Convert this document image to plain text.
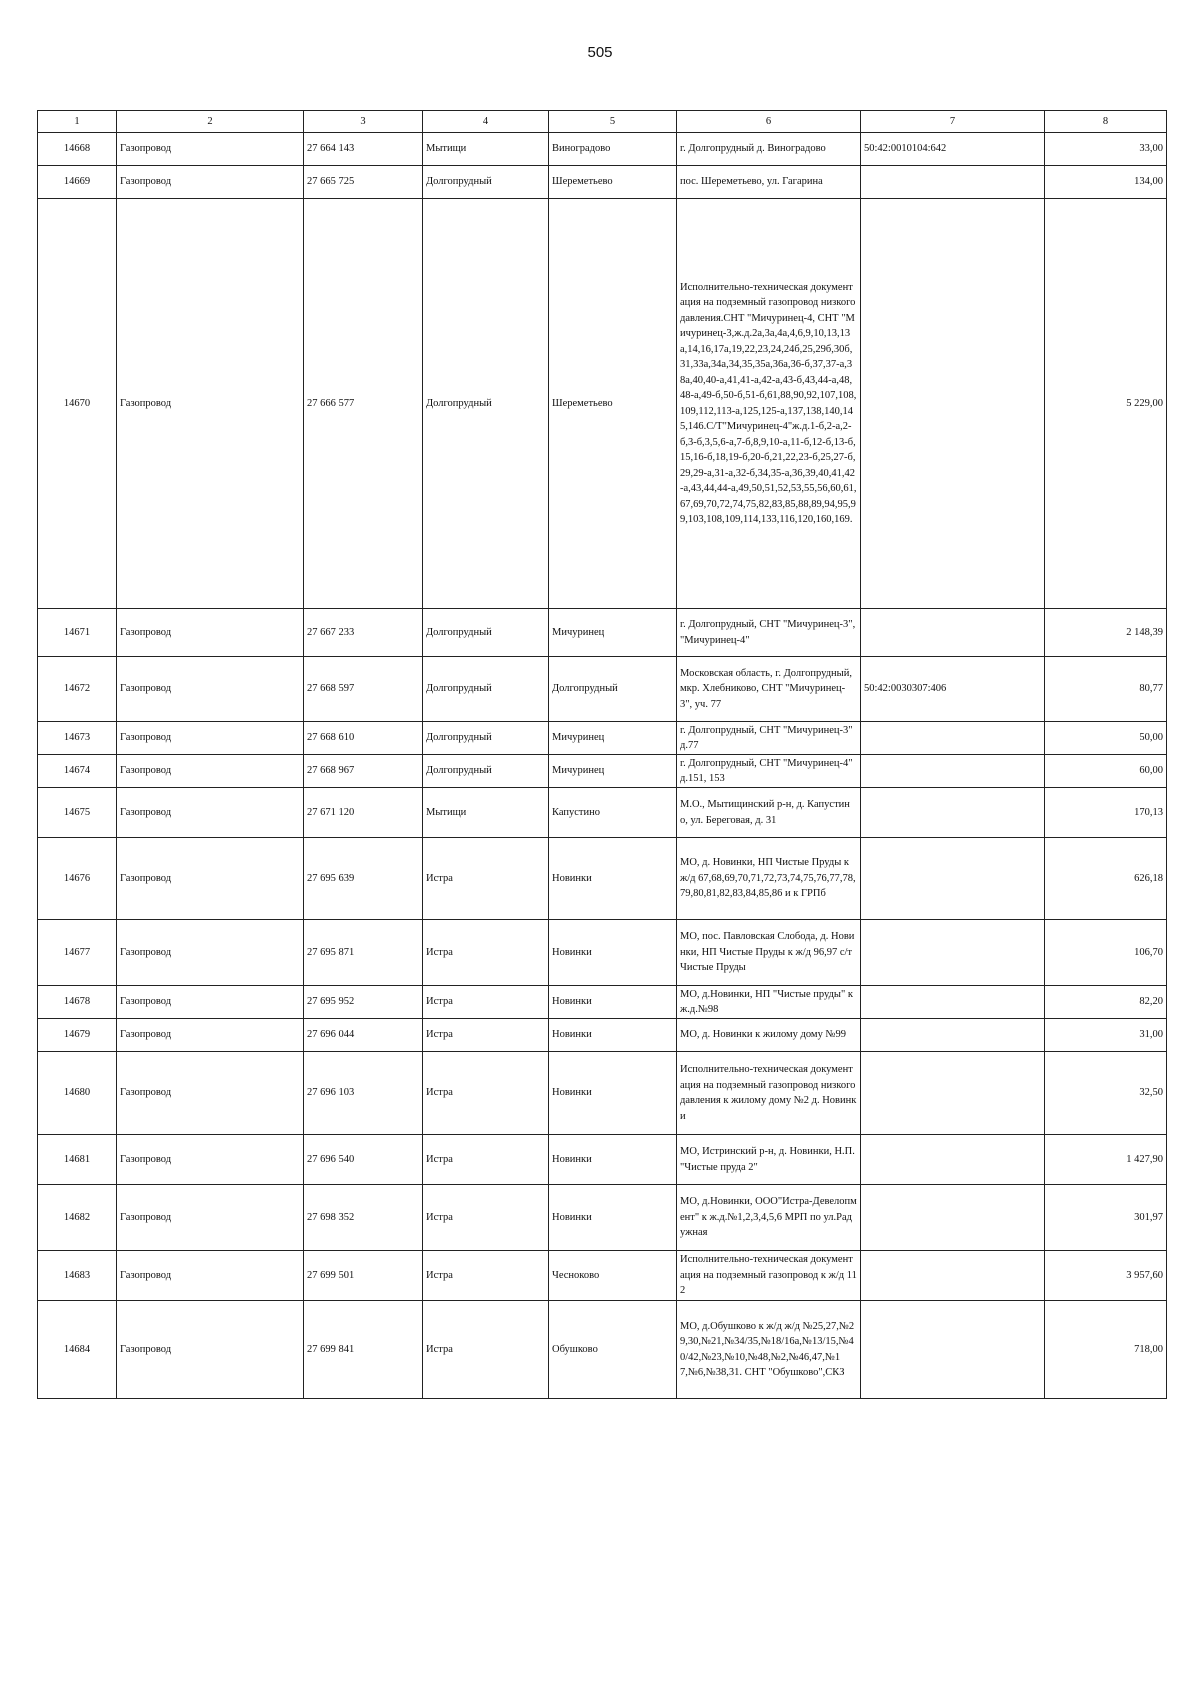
505
1	2	3	4	5	6	7	8
14668	Газопровод	27 664 143	Мытищи	Виноградово	г. Долгопрудный д. Виноградово	50:42:0010104:642	33,00
14669	Газопровод	27 665 725	Долгопрудный	Шереметьево	пос. Шереметьево, ул. Гагарина		134,00
14670	Газопровод	27 666 577	Долгопрудный	Шереметьево	Исполнительно-техническая документация на подземный газопровод низкого давления.СНТ "Мичуринец-4, СНТ "Мичуринец-3,ж.д.2а,3а,4а,4,6,9,10,13,13а,14,16,17а,19,22,23,24,24б,25,29б,30б,31,33а,34а,34,35,35а,36а,36-б,37,37-а,38а,40,40-а,41,41-а,42-а,43-б,43,44-а,48,48-а,49-б,50-б,51-б,61,88,90,92,107,108,109,112,113-а,125,125-а,137,138,140,145,146.С/Т"Мичуринец-4"ж.д.1-б,2-а,2-б,3-б,3,5,6-а,7-б,8,9,10-а,11-б,12-б,13-б,15,16-б,18,19-б,20-б,21,22,23-б,25,27-б,29,29-а,31-а,32-б,34,35-а,36,39,40,41,42-а,43,44,44-а,49,50,51,52,53,55,56,60,61,67,69,70,72,74,75,82,83,85,88,89,94,95,99,103,108,109,114,133,116,120,160,169.		5 229,00
14671	Газопровод	27 667 233	Долгопрудный	Мичуринец	г. Долгопрудный, СНТ "Мичуринец-3", "Мичуринец-4"		2 148,39
14672	Газопровод	27 668 597	Долгопрудный	Долгопрудный	Московская область, г. Долгопрудный, мкр. Хлебниково, СНТ "Мичуринец-3", уч. 77	50:42:0030307:406	80,77
14673	Газопровод	27 668 610	Долгопрудный	Мичуринец	г. Долгопрудный, СНТ "Мичуринец-3" д.77		50,00
14674	Газопровод	27 668 967	Долгопрудный	Мичуринец	г. Долгопрудный, СНТ "Мичуринец-4" д.151, 153		60,00
14675	Газопровод	27 671 120	Мытищи	Капустино	М.О., Мытищинский р-н, д. Капустино, ул. Береговая, д. 31		170,13
14676	Газопровод	27 695 639	Истра	Новинки	МО, д. Новинки, НП Чистые Пруды к ж/д 67,68,69,70,71,72,73,74,75,76,77,78,79,80,81,82,83,84,85,86 и к ГРПб		626,18
14677	Газопровод	27 695 871	Истра	Новинки	МО, пос. Павловская Слобода, д. Новинки, НП Чистые Пруды к ж/д 96,97 с/т Чистые Пруды		106,70
14678	Газопровод	27 695 952	Истра	Новинки	МО, д.Новинки, НП "Чистые пруды" к ж.д.№98		82,20
14679	Газопровод	27 696 044	Истра	Новинки	МО, д. Новинки к жилому дому №99		31,00
14680	Газопровод	27 696 103	Истра	Новинки	Исполнительно-техническая документация на подземный газопровод низкого давления к жилому дому №2 д. Новинки		32,50
14681	Газопровод	27 696 540	Истра	Новинки	МО, Истринский р-н, д. Новинки, Н.П. "Чистые пруда 2"		1 427,90
14682	Газопровод	27 698 352	Истра	Новинки	МО, д.Новинки, ООО"Истра-Девелопмент" к ж.д.№1,2,3,4,5,6 МРП по ул.Радужная		301,97
14683	Газопровод	27 699 501	Истра	Чесноково	Исполнительно-техническая документация на подземный газопровод к ж/д 112		3 957,60
14684	Газопровод	27 699 841	Истра	Обушково	МО, д.Обушково к ж/д ж/д №25,27,№29,30,№21,№34/35,№18/16а,№13/15,№40/42,№23,№10,№48,№2,№46,47,№17,№6,№38,31. СНТ "Обушково",СКЗ		718,00
